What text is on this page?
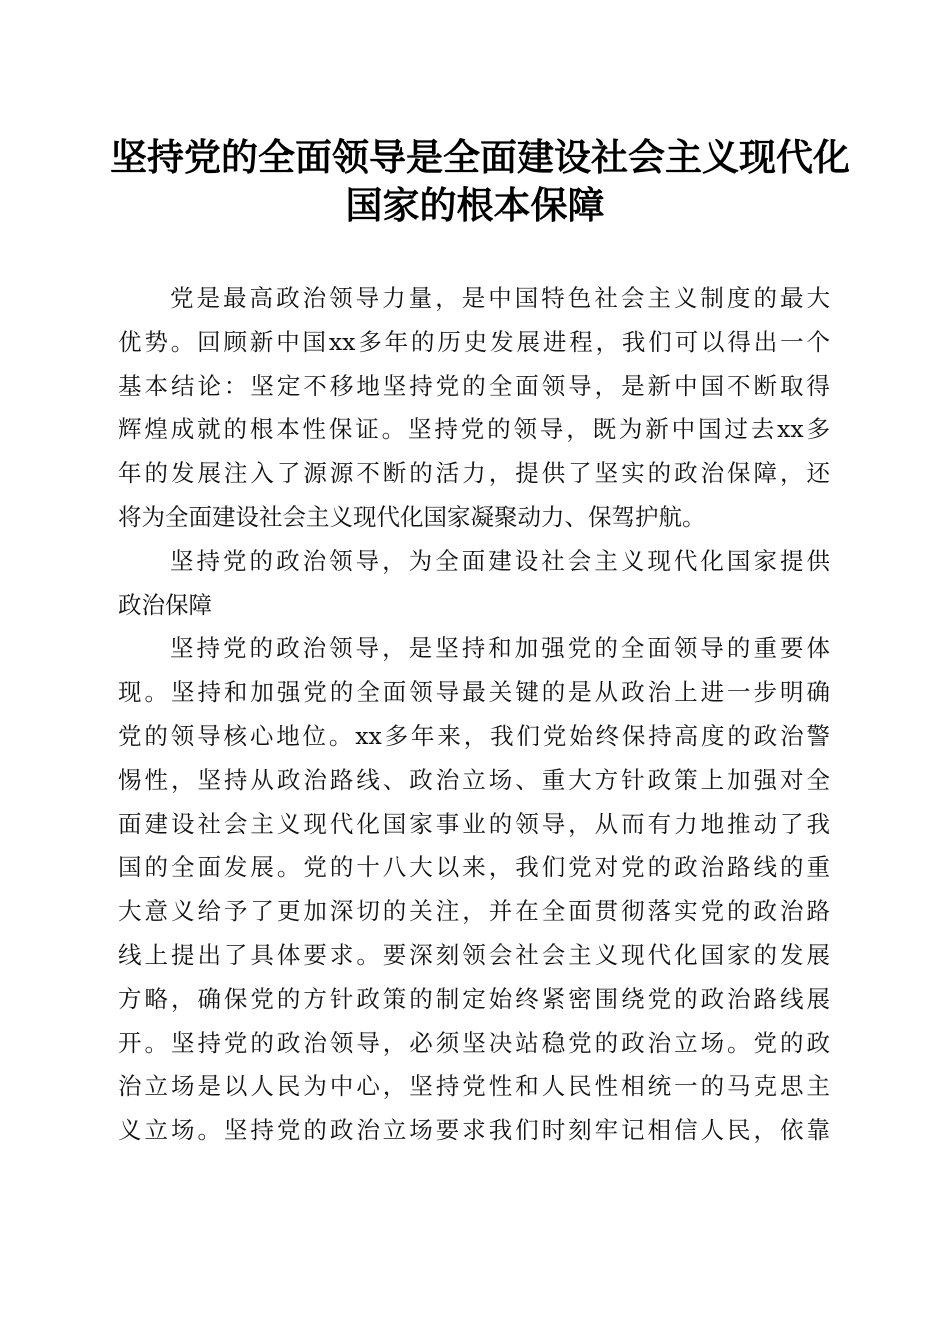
坚持党的全面领导是全面建设社会主义现代化
国家的根本保障
党是最高政治领导力量，是中国特色社会主义制度的最大
优势。回顾新中国xx多年的历史发展进程，我们可以得出一个
基本结论：坚定不移地坚持党的全面领导，是新中国不断取得
辉煌成就的根本性保证。坚持党的领导，既为新中国过去xx多
年的发展注入了源源不断的活力，提供了坚实的政治保障，还
将为全面建设社会主义现代化国家凝聚动力、保驾护航。
坚持党的政治领导，为全面建设社会主义现代化国家提供
政治保障
坚持党的政治领导，是坚持和加强党的全面领导的重要体
现。坚持和加强党的全面领导最关键的是从政治上进一步明确
党的领导核心地位。xx多年来，我们党始终保持高度的政治警
惕性，坚持从政治路线、政治立场、重大方针政策上加强对全
面建设社会主义现代化国家事业的领导，从而有力地推动了我
国的全面发展。党的十八大以来，我们党对党的政治路线的重
大意义给予了更加深切的关注，并在全面贯彻落实党的政治路
线上提出了具体要求。要深刻领会社会主义现代化国家的发展
方略，确保党的方针政策的制定始终紧密围绕党的政治路线展
开。坚持党的政治领导，必须坚决站稳党的政治立场。党的政
治立场是以人民为中心，坚持党性和人民性相统一的马克思主
义立场。坚持党的政治立场要求我们时刻牢记相信人民，依靠
